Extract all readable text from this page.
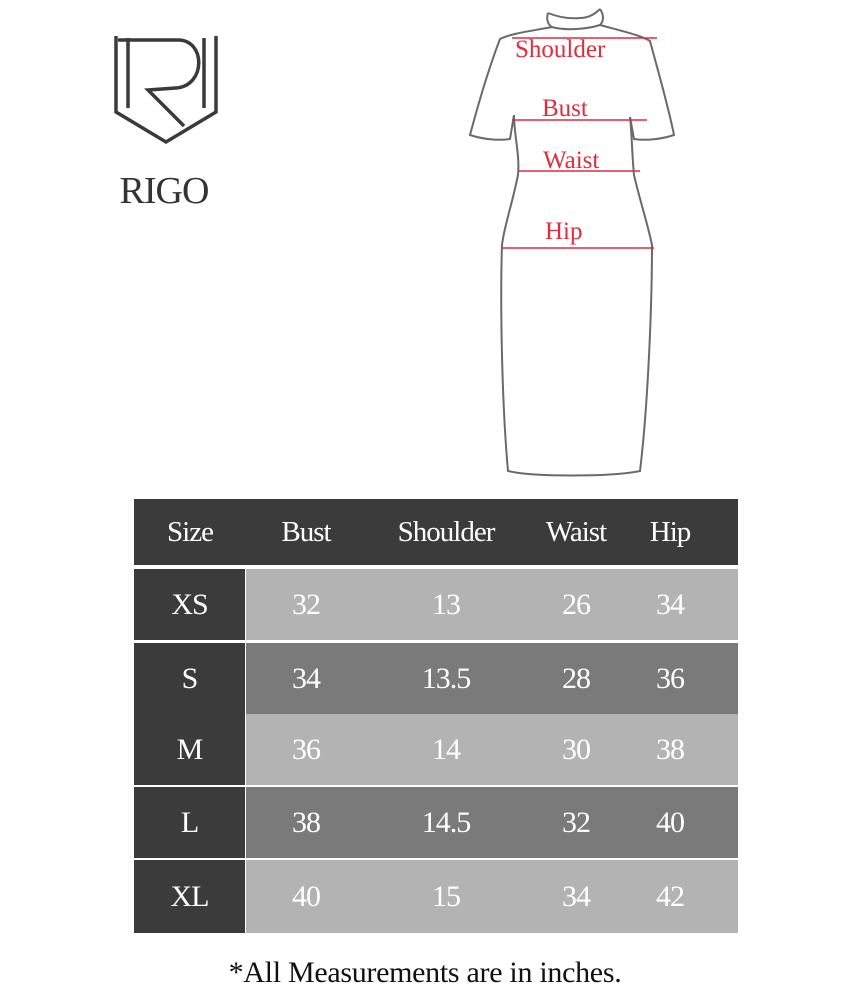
RIGO
Shoulder
Bust
Waist
Hip
Size	Bust	Shoulder	Waist	Hip
XS	32	13	26	34
S	34	13.5	28	36
M	36	14	30	38
L	38	14.5	32	40
XL	40	15	34	42
*All Measurements are in inches.
